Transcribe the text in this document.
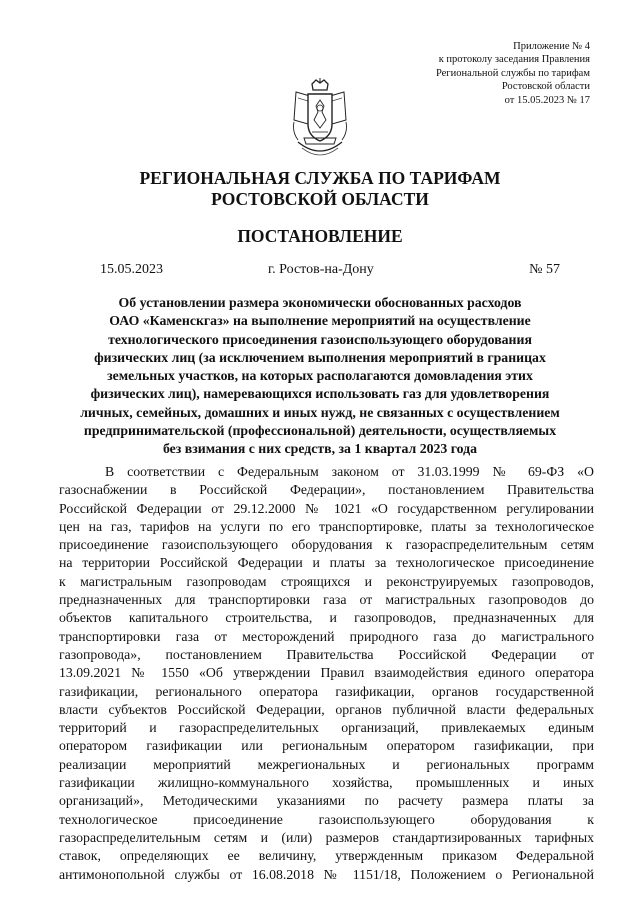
Приложение № 4
к протоколу заседания Правления
Региональной службы по тарифам
Ростовской области
от 15.05.2023 № 17
РЕГИОНАЛЬНАЯ СЛУЖБА ПО ТАРИФАМ
РОСТОВСКОЙ ОБЛАСТИ
ПОСТАНОВЛЕНИЕ
15.05.2023	г. Ростов-на-Дону	№ 57
Об установлении размера экономически обоснованных расходов
ОАО «Каменскгаз» на выполнение мероприятий на осуществление
технологического присоединения газоиспользующего оборудования
физических лиц (за исключением выполнения мероприятий в границах
земельных участков, на которых располагаются домовладения этих
физических лиц), намеревающихся использовать газ для удовлетворения
личных, семейных, домашних и иных нужд, не связанных с осуществлением
предпринимательской (профессиональной) деятельности, осуществляемых
без взимания с них средств, за 1 квартал 2023 года
В соответствии с Федеральным законом от 31.03.1999 № 69-ФЗ «О
газоснабжении в Российской Федерации», постановлением Правительства
Российской Федерации от 29.12.2000 № 1021 «О государственном регулировании
цен на газ, тарифов на услуги по его транспортировке, платы за технологическое
присоединение газоиспользующего оборудования к газораспределительным сетям
на территории Российской Федерации и платы за технологическое присоединение
к магистральным газопроводам строящихся и реконструируемых газопроводов,
предназначенных для транспортировки газа от магистральных газопроводов до
объектов капитального строительства, и газопроводов, предназначенных для
транспортировки газа от месторождений природного газа до магистрального
газопровода», постановлением Правительства Российской Федерации от
13.09.2021 № 1550 «Об утверждении Правил взаимодействия единого оператора
газификации, регионального оператора газификации, органов государственной
власти субъектов Российской Федерации, органов публичной власти федеральных
территорий и газораспределительных организаций, привлекаемых единым
оператором газификации или региональным оператором газификации, при
реализации мероприятий межрегиональных и региональных программ
газификации жилищно-коммунального хозяйства, промышленных и иных
организаций», Методическими указаниями по расчету размера платы за
технологическое присоединение газоиспользующего оборудования к
газораспределительным сетям и (или) размеров стандартизированных тарифных
ставок, определяющих ее величину, утвержденным приказом Федеральной
антимонопольной службы от 16.08.2018 № 1151/18, Положением о Региональной
